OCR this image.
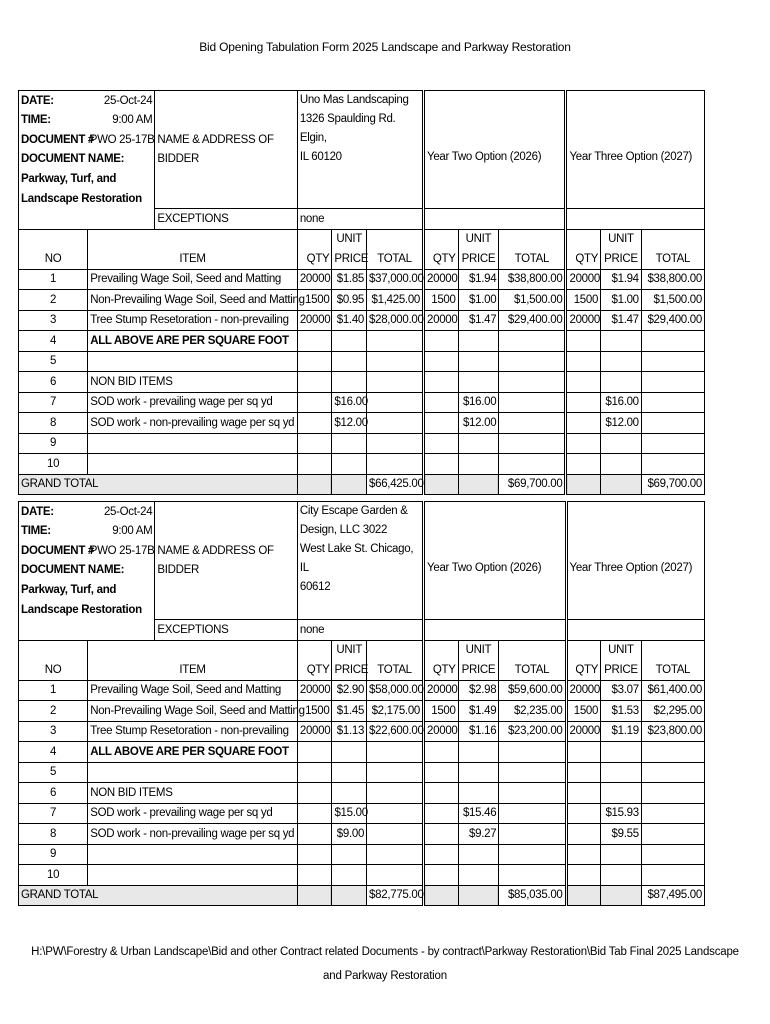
Bid Opening Tabulation Form 2025 Landscape and Parkway Restoration
DATE:	25-Oct-24		Uno Mas Landscaping
1326 Spaulding Rd. Elgin,
IL 60120			Year Two Option (2026)			Year Three Option (2027)		

TIME:	9:00 AM										
DOCUMENT #	PWO 25-17B	NAME & ADDRESS OF									
DOCUMENT NAME:		BIDDER									
Parkway, Turf, and											
Landscape Restoration											
		EXCEPTIONS	none								
				UNIT			UNIT			UNIT	
NO	ITEM		QTY	PRICE	TOTAL	QTY	PRICE	TOTAL	QTY	PRICE	TOTAL
1	Prevailing Wage Soil, Seed and Matting		20000	$1.85	$37,000.00	20000	$1.94	$38,800.00	20000	$1.94	$38,800.00
2	Non-Prevailing Wage Soil, Seed and Matting		1500	$0.95	$1,425.00	1500	$1.00	$1,500.00	1500	$1.00	$1,500.00
3	Tree Stump Resetoration - non-prevailing		20000	$1.40	$28,000.00	20000	$1.47	$29,400.00	20000	$1.47	$29,400.00
4	ALL ABOVE ARE PER SQUARE FOOT										
5											
6	NON BID ITEMS										
7	SOD work - prevailing wage per sq yd			$16.00			$16.00			$16.00	
8	SOD work - non-prevailing wage per sq yd			$12.00			$12.00			$12.00	
9											
10											
GRAND TOTAL					$66,425.00			$69,700.00			$69,700.00
DATE:	25-Oct-24		City Escape Garden &
Design, LLC 3022
West Lake St. Chicago, IL
60612			Year Two Option (2026)			Year Three Option (2027)		

TIME:	9:00 AM										
DOCUMENT #	PWO 25-17B	NAME & ADDRESS OF									
DOCUMENT NAME:		BIDDER									
Parkway, Turf, and											
Landscape Restoration											
		EXCEPTIONS	none								
				UNIT			UNIT			UNIT	
NO	ITEM		QTY	PRICE	TOTAL	QTY	PRICE	TOTAL	QTY	PRICE	TOTAL
1	Prevailing Wage Soil, Seed and Matting		20000	$2.90	$58,000.00	20000	$2.98	$59,600.00	20000	$3.07	$61,400.00
2	Non-Prevailing Wage Soil, Seed and Matting		1500	$1.45	$2,175.00	1500	$1.49	$2,235.00	1500	$1.53	$2,295.00
3	Tree Stump Resetoration - non-prevailing		20000	$1.13	$22,600.00	20000	$1.16	$23,200.00	20000	$1.19	$23,800.00
4	ALL ABOVE ARE PER SQUARE FOOT										
5											
6	NON BID ITEMS										
7	SOD work - prevailing wage per sq yd			$15.00			$15.46			$15.93	
8	SOD work - non-prevailing wage per sq yd			$9.00			$9.27			$9.55	
9											
10											
GRAND TOTAL					$82,775.00			$85,035.00			$87,495.00
H:\PW\Forestry & Urban Landscape\Bid and other Contract related Documents - by contract\Parkway Restoration\Bid Tab Final 2025 Landscape and Parkway Restoration
